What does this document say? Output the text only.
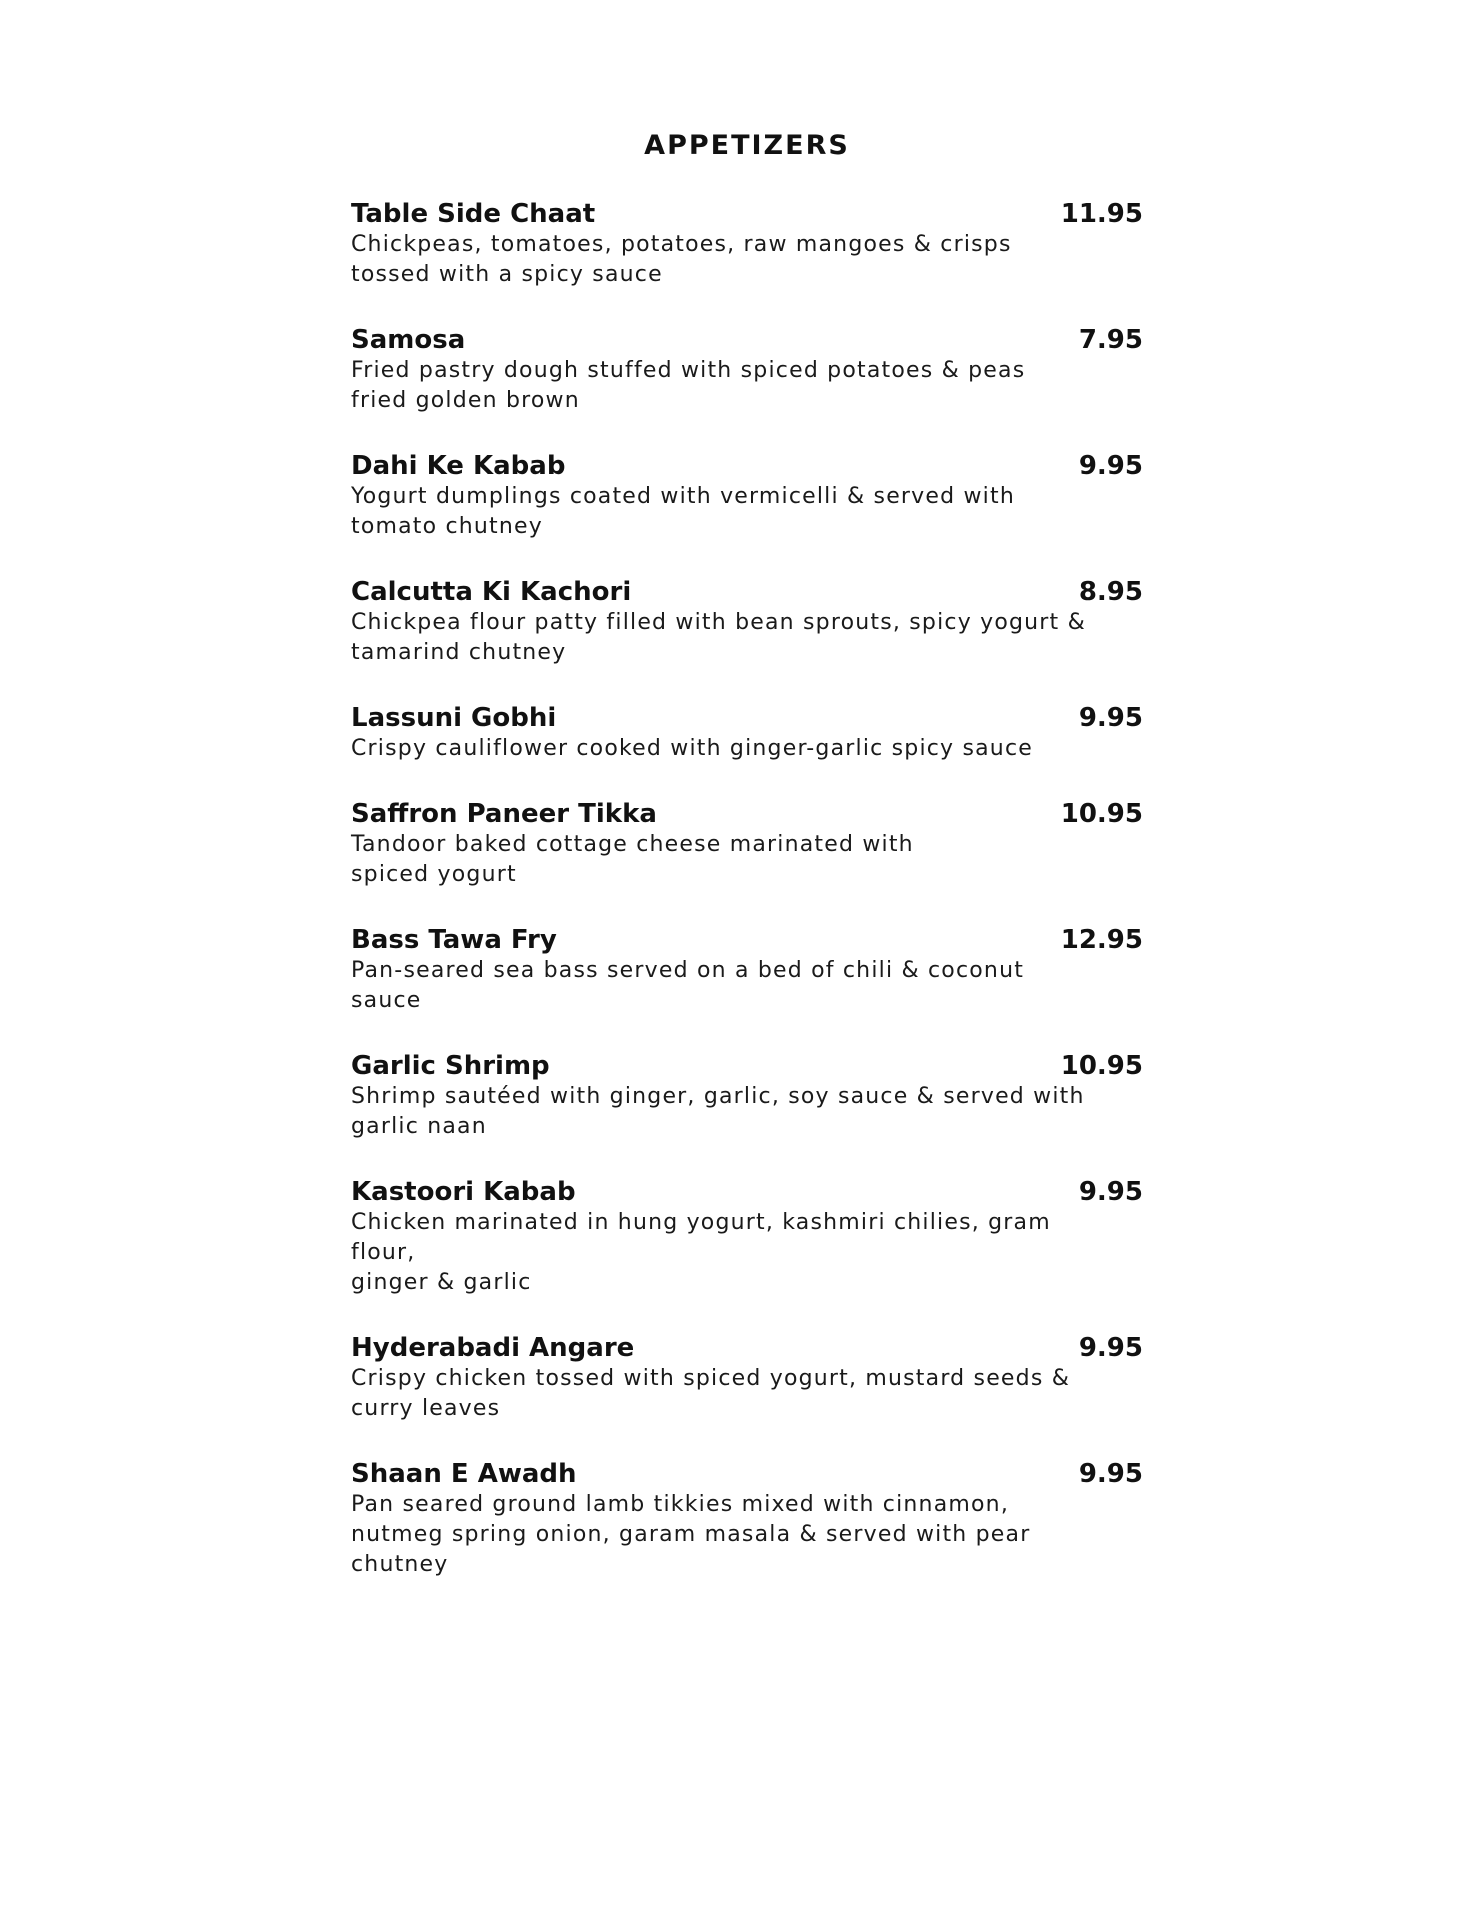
APPETIZERS
Table Side Chaat	11.95
Chickpeas, tomatoes, potatoes, raw mangoes & crisps
tossed with a spicy sauce
Samosa	7.95
Fried pastry dough stuffed with spiced potatoes & peas
fried golden brown
Dahi Ke Kabab	9.95
Yogurt dumplings coated with vermicelli & served with
tomato chutney
Calcutta Ki Kachori	8.95
Chickpea flour patty filled with bean sprouts, spicy yogurt &
tamarind chutney
Lassuni Gobhi	9.95
Crispy cauliflower cooked with ginger-garlic spicy sauce
Saffron Paneer Tikka	10.95
Tandoor baked cottage cheese marinated with
spiced yogurt
Bass Tawa Fry	12.95
Pan-seared sea bass served on a bed of chili & coconut
sauce
Garlic Shrimp	10.95
Shrimp sautéed with ginger, garlic, soy sauce & served with
garlic naan
Kastoori Kabab	9.95
Chicken marinated in hung yogurt, kashmiri chilies, gram flour,
ginger & garlic
Hyderabadi Angare	9.95
Crispy chicken tossed with spiced yogurt, mustard seeds &
curry leaves
Shaan E Awadh	9.95
Pan seared ground lamb tikkies mixed with cinnamon,
nutmeg spring onion, garam masala & served with pear
chutney
